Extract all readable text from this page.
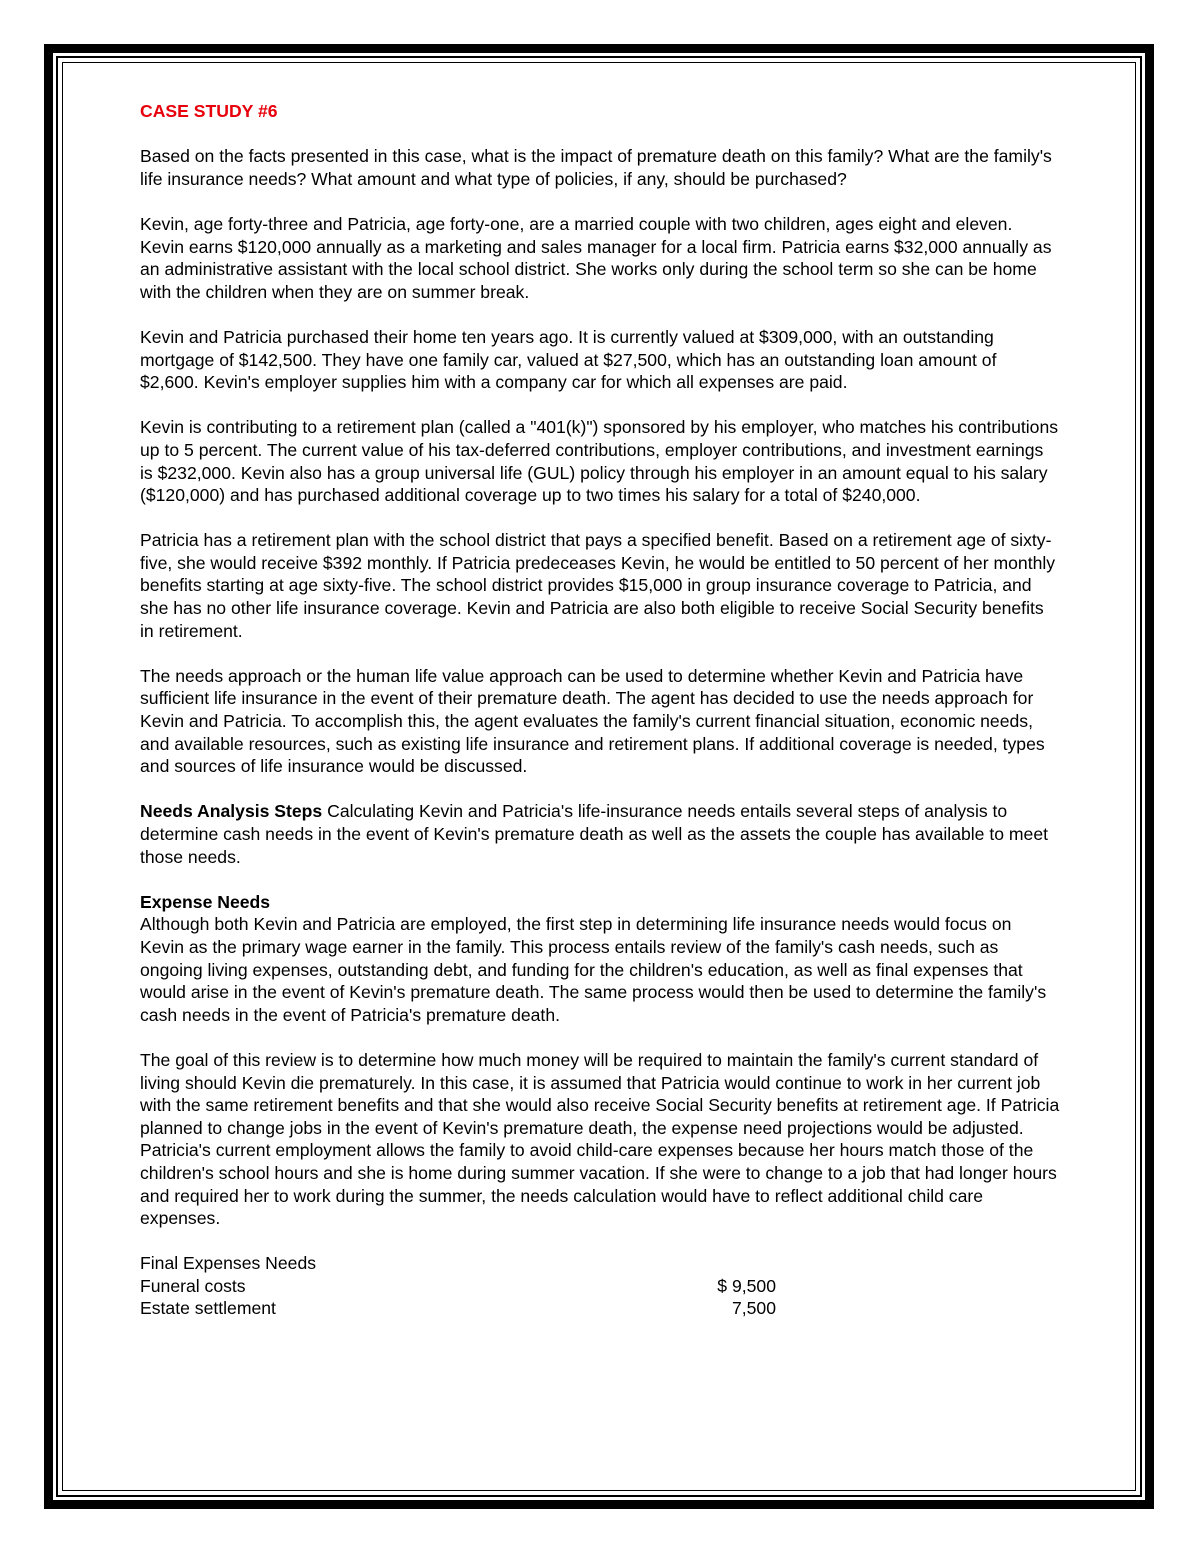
CASE STUDY #6

Based on the facts presented in this case, what is the impact of premature death on this family? What are the family's life insurance needs? What amount and what type of policies, if any, should be purchased?

Kevin, age forty-three and Patricia, age forty-one, are a married couple with two children, ages eight and eleven. Kevin earns $120,000 annually as a marketing and sales manager for a local firm. Patricia earns $32,000 annually as an administrative assistant with the local school district. She works only during the school term so she can be home with the children when they are on summer break.

Kevin and Patricia purchased their home ten years ago. It is currently valued at $309,000, with an outstanding mortgage of $142,500. They have one family car, valued at $27,500, which has an outstanding loan amount of $2,600. Kevin's employer supplies him with a company car for which all expenses are paid.

Kevin is contributing to a retirement plan (called a "401(k)") sponsored by his employer, who matches his contributions up to 5 percent. The current value of his tax-deferred contributions, employer contributions, and investment earnings is $232,000. Kevin also has a group universal life (GUL) policy through his employer in an amount equal to his salary ($120,000) and has purchased additional coverage up to two times his salary for a total of $240,000.

Patricia has a retirement plan with the school district that pays a specified benefit. Based on a retirement age of sixty-five, she would receive $392 monthly. If Patricia predeceases Kevin, he would be entitled to 50 percent of her monthly benefits starting at age sixty-five. The school district provides $15,000 in group insurance coverage to Patricia, and she has no other life insurance coverage. Kevin and Patricia are also both eligible to receive Social Security benefits in retirement.

The needs approach or the human life value approach can be used to determine whether Kevin and Patricia have sufficient life insurance in the event of their premature death. The agent has decided to use the needs approach for Kevin and Patricia. To accomplish this, the agent evaluates the family's current financial situation, economic needs, and available resources, such as existing life insurance and retirement plans. If additional coverage is needed, types and sources of life insurance would be discussed.

Needs Analysis Steps Calculating Kevin and Patricia's life-insurance needs entails several steps of analysis to determine cash needs in the event of Kevin's premature death as well as the assets the couple has available to meet those needs.

Expense Needs
Although both Kevin and Patricia are employed, the first step in determining life insurance needs would focus on Kevin as the primary wage earner in the family. This process entails review of the family's cash needs, such as ongoing living expenses, outstanding debt, and funding for the children's education, as well as final expenses that would arise in the event of Kevin's premature death. The same process would then be used to determine the family's cash needs in the event of Patricia's premature death.

The goal of this review is to determine how much money will be required to maintain the family's current standard of living should Kevin die prematurely. In this case, it is assumed that Patricia would continue to work in her current job with the same retirement benefits and that she would also receive Social Security benefits at retirement age. If Patricia planned to change jobs in the event of Kevin's premature death, the expense need projections would be adjusted. Patricia's current employment allows the family to avoid child-care expenses because her hours match those of the children's school hours and she is home during summer vacation. If she were to change to a job that had longer hours and required her to work during the summer, the needs calculation would have to reflect additional child care expenses.

Final Expenses Needs
Funeral costs	$ 9,500
Estate settlement	7,500
